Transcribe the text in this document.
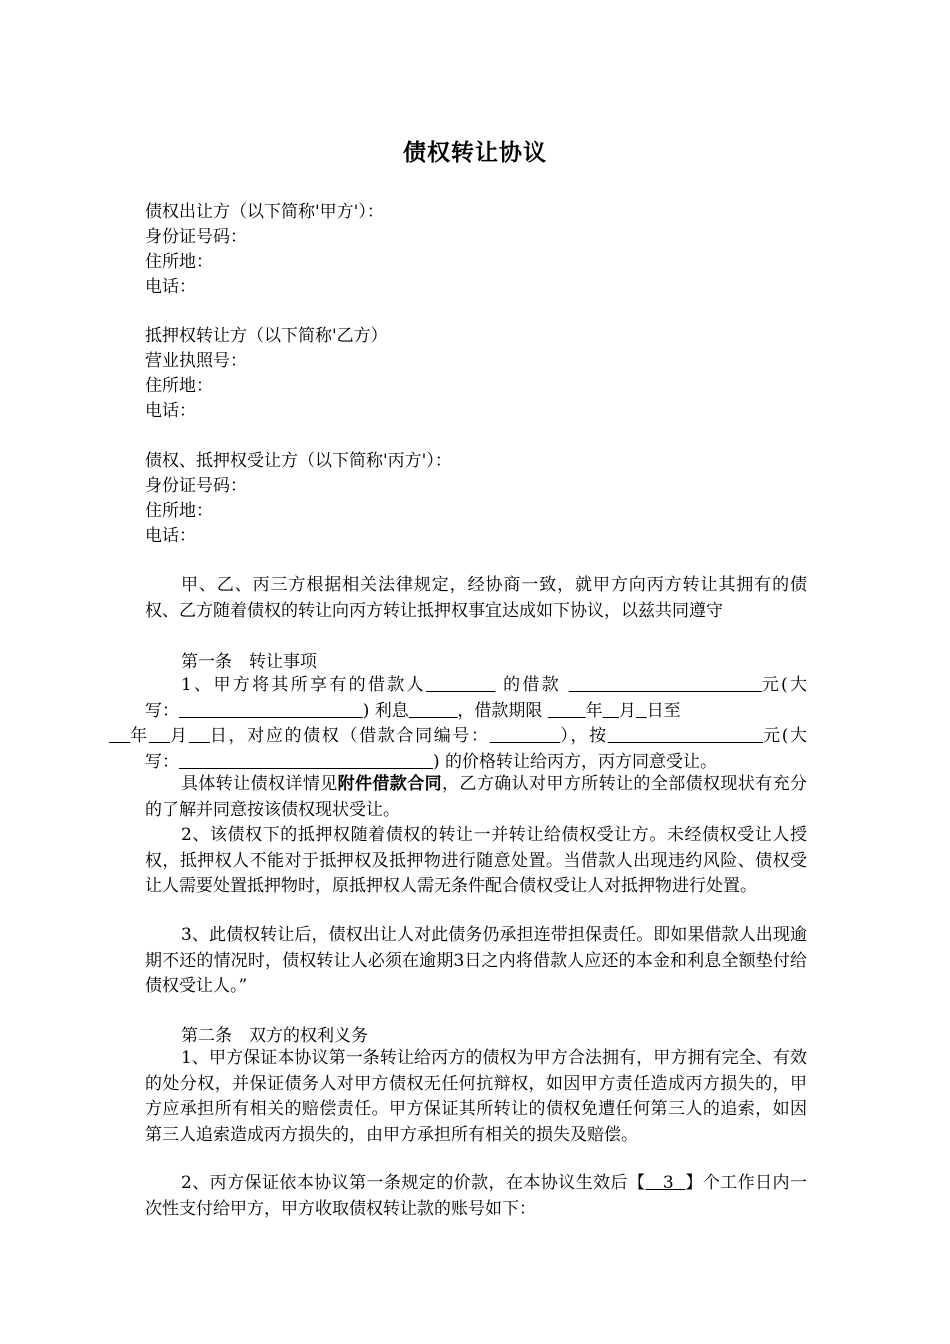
债权转让协议
债权出让方（以下简称'甲方'）：
身份证号码：
住所地：
电话：
抵押权转让方（以下简称'乙方）
营业执照号：
住所地：
电话：
债权、抵押权受让方（以下简称'丙方'）：
身份证号码：
住所地：
电话：
甲、乙、丙三方根据相关法律规定，经协商一致，就甲方向丙方转让其拥有的债权、乙方随着债权的转让向丙方转让抵押权事宜达成如下协议，以兹共同遵守
第一条　转让事项
1、甲方将其所享有的借款人	的借款	元(大写：	) 利息	，借款期限        年 月 日至
年 月 日，对应的债权（借款合同编号：	），按	元(大写：	) 的价格转让给丙方，丙方同意受让。
具体转让债权详情见附件借款合同，乙方确认对甲方所转让的全部债权现状有充分的了解并同意按该债权现状受让。
2、该债权下的抵押权随着债权的转让一并转让给债权受让方。未经债权受让人授权，抵押权人不能对于抵押权及抵押物进行随意处置。当借款人出现违约风险、债权受让人需要处置抵押物时，原抵押权人需无条件配合债权受让人对抵押物进行处置。
3、此债权转让后，债权出让人对此债务仍承担连带担保责任。即如果借款人出现逾期不还的情况时，债权转让人必须在逾期3日之内将借款人应还的本金和利息全额垫付给债权受让人。”
第二条　双方的权利义务
1、甲方保证本协议第一条转让给丙方的债权为甲方合法拥有，甲方拥有完全、有效的处分权，并保证债务人对甲方债权无任何抗辩权，如因甲方责任造成丙方损失的，甲方应承担所有相关的赔偿责任。甲方保证其所转让的债权免遭任何第三人的追索，如因第三人追索造成丙方损失的，由甲方承担所有相关的损失及赔偿。
2、丙方保证依本协议第一条规定的价款，在本协议生效后【 3 】个工作日内一次性支付给甲方，甲方收取债权转让款的账号如下：
